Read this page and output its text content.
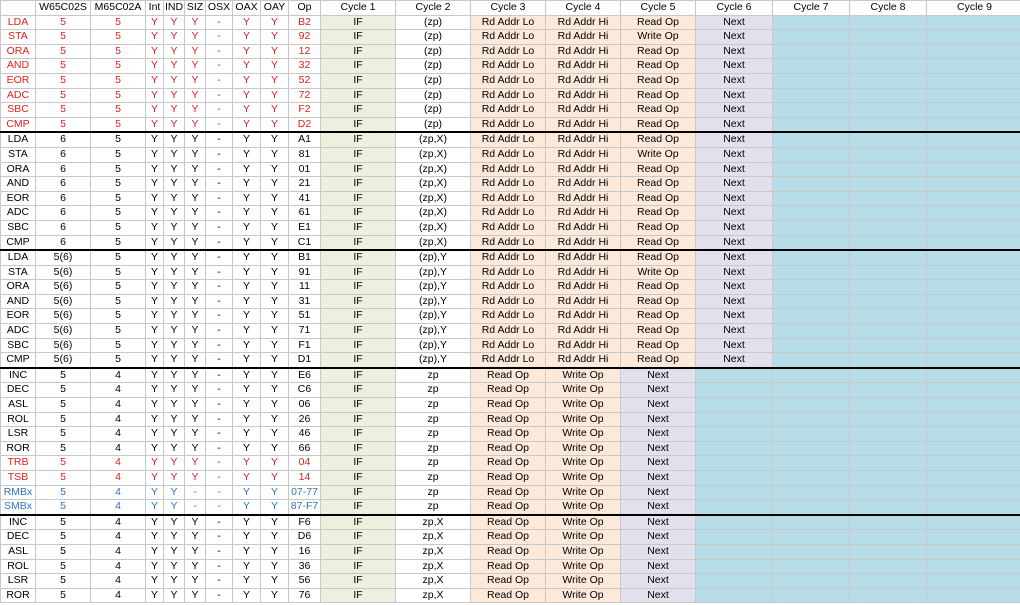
	W65C02S	M65C02A	Int	IND	SIZ	OSX	OAX	OAY	Op	Cycle 1	Cycle 2	Cycle 3	Cycle 4	Cycle 5	Cycle 6	Cycle 7	Cycle 8	Cycle 9
LDA	5	5	Y	Y	Y	-	Y	Y	B2	IF	(zp)	Rd Addr Lo	Rd Addr Hi	Read Op	Next			
STA	5	5	Y	Y	Y	-	Y	Y	92	IF	(zp)	Rd Addr Lo	Rd Addr Hi	Write Op	Next			
ORA	5	5	Y	Y	Y	-	Y	Y	12	IF	(zp)	Rd Addr Lo	Rd Addr Hi	Read Op	Next			
AND	5	5	Y	Y	Y	-	Y	Y	32	IF	(zp)	Rd Addr Lo	Rd Addr Hi	Read Op	Next			
EOR	5	5	Y	Y	Y	-	Y	Y	52	IF	(zp)	Rd Addr Lo	Rd Addr Hi	Read Op	Next			
ADC	5	5	Y	Y	Y	-	Y	Y	72	IF	(zp)	Rd Addr Lo	Rd Addr Hi	Read Op	Next			
SBC	5	5	Y	Y	Y	-	Y	Y	F2	IF	(zp)	Rd Addr Lo	Rd Addr Hi	Read Op	Next			
CMP	5	5	Y	Y	Y	-	Y	Y	D2	IF	(zp)	Rd Addr Lo	Rd Addr Hi	Read Op	Next			
LDA	6	5	Y	Y	Y	-	Y	Y	A1	IF	(zp,X)	Rd Addr Lo	Rd Addr Hi	Read Op	Next			
STA	6	5	Y	Y	Y	-	Y	Y	81	IF	(zp,X)	Rd Addr Lo	Rd Addr Hi	Write Op	Next			
ORA	6	5	Y	Y	Y	-	Y	Y	01	IF	(zp,X)	Rd Addr Lo	Rd Addr Hi	Read Op	Next			
AND	6	5	Y	Y	Y	-	Y	Y	21	IF	(zp,X)	Rd Addr Lo	Rd Addr Hi	Read Op	Next			
EOR	6	5	Y	Y	Y	-	Y	Y	41	IF	(zp,X)	Rd Addr Lo	Rd Addr Hi	Read Op	Next			
ADC	6	5	Y	Y	Y	-	Y	Y	61	IF	(zp,X)	Rd Addr Lo	Rd Addr Hi	Read Op	Next			
SBC	6	5	Y	Y	Y	-	Y	Y	E1	IF	(zp,X)	Rd Addr Lo	Rd Addr Hi	Read Op	Next			
CMP	6	5	Y	Y	Y	-	Y	Y	C1	IF	(zp,X)	Rd Addr Lo	Rd Addr Hi	Read Op	Next			
LDA	5(6)	5	Y	Y	Y	-	Y	Y	B1	IF	(zp),Y	Rd Addr Lo	Rd Addr Hi	Read Op	Next			
STA	5(6)	5	Y	Y	Y	-	Y	Y	91	IF	(zp),Y	Rd Addr Lo	Rd Addr Hi	Write Op	Next			
ORA	5(6)	5	Y	Y	Y	-	Y	Y	11	IF	(zp),Y	Rd Addr Lo	Rd Addr Hi	Read Op	Next			
AND	5(6)	5	Y	Y	Y	-	Y	Y	31	IF	(zp),Y	Rd Addr Lo	Rd Addr Hi	Read Op	Next			
EOR	5(6)	5	Y	Y	Y	-	Y	Y	51	IF	(zp),Y	Rd Addr Lo	Rd Addr Hi	Read Op	Next			
ADC	5(6)	5	Y	Y	Y	-	Y	Y	71	IF	(zp),Y	Rd Addr Lo	Rd Addr Hi	Read Op	Next			
SBC	5(6)	5	Y	Y	Y	-	Y	Y	F1	IF	(zp),Y	Rd Addr Lo	Rd Addr Hi	Read Op	Next			
CMP	5(6)	5	Y	Y	Y	-	Y	Y	D1	IF	(zp),Y	Rd Addr Lo	Rd Addr Hi	Read Op	Next			
INC	5	4	Y	Y	Y	-	Y	Y	E6	IF	zp	Read Op	Write Op	Next				
DEC	5	4	Y	Y	Y	-	Y	Y	C6	IF	zp	Read Op	Write Op	Next				
ASL	5	4	Y	Y	Y	-	Y	Y	06	IF	zp	Read Op	Write Op	Next				
ROL	5	4	Y	Y	Y	-	Y	Y	26	IF	zp	Read Op	Write Op	Next				
LSR	5	4	Y	Y	Y	-	Y	Y	46	IF	zp	Read Op	Write Op	Next				
ROR	5	4	Y	Y	Y	-	Y	Y	66	IF	zp	Read Op	Write Op	Next				
TRB	5	4	Y	Y	Y	-	Y	Y	04	IF	zp	Read Op	Write Op	Next				
TSB	5	4	Y	Y	Y	-	Y	Y	14	IF	zp	Read Op	Write Op	Next				
RMBx	5	4	Y	Y	-	-	Y	Y	07-77	IF	zp	Read Op	Write Op	Next				
SMBx	5	4	Y	Y	-	-	Y	Y	87-F7	IF	zp	Read Op	Write Op	Next				
INC	5	4	Y	Y	Y	-	Y	Y	F6	IF	zp,X	Read Op	Write Op	Next				
DEC	5	4	Y	Y	Y	-	Y	Y	D6	IF	zp,X	Read Op	Write Op	Next				
ASL	5	4	Y	Y	Y	-	Y	Y	16	IF	zp,X	Read Op	Write Op	Next				
ROL	5	4	Y	Y	Y	-	Y	Y	36	IF	zp,X	Read Op	Write Op	Next				
LSR	5	4	Y	Y	Y	-	Y	Y	56	IF	zp,X	Read Op	Write Op	Next				
ROR	5	4	Y	Y	Y	-	Y	Y	76	IF	zp,X	Read Op	Write Op	Next				
